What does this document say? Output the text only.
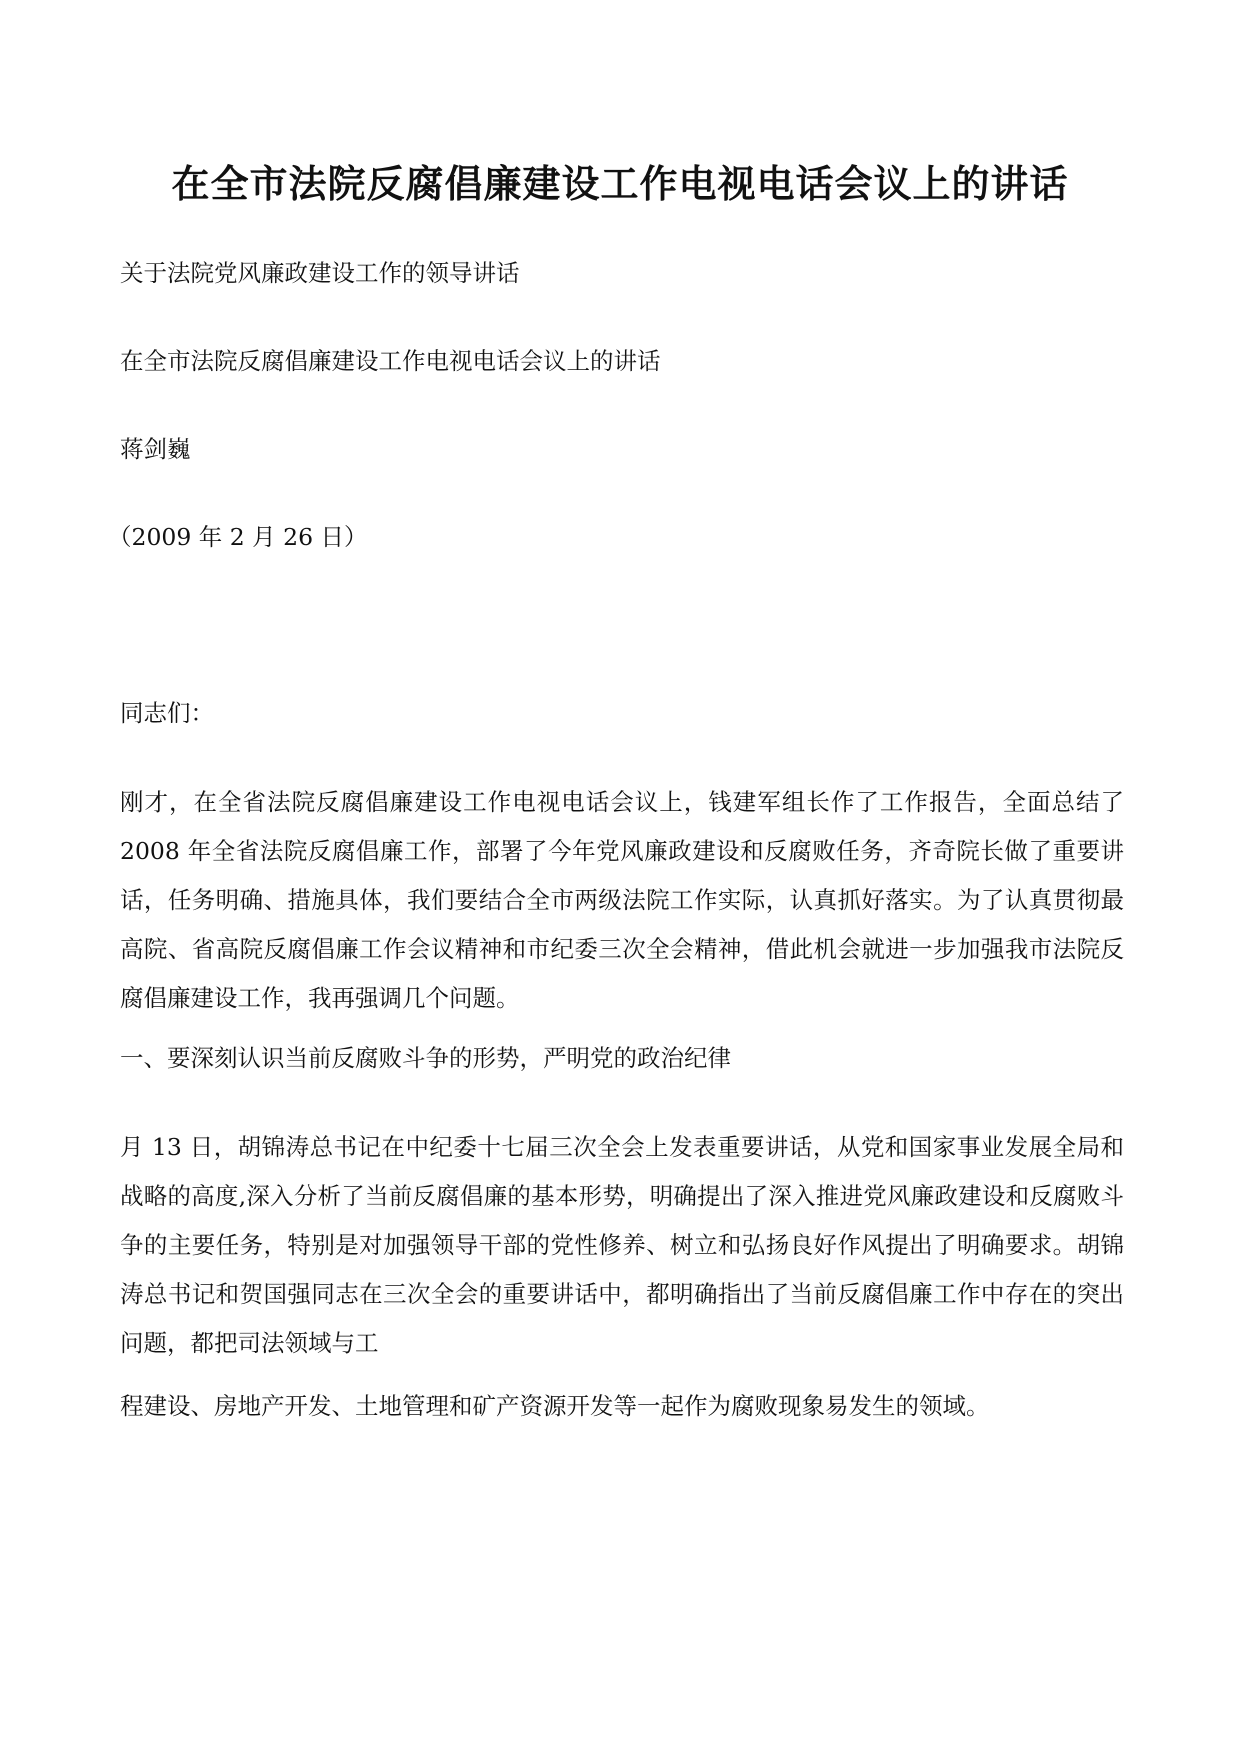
在全市法院反腐倡廉建设工作电视电话会议上的讲话
关于法院党风廉政建设工作的领导讲话
在全市法院反腐倡廉建设工作电视电话会议上的讲话
蒋剑巍
（2009 年 2 月 26 日）
同志们：
刚才，在全省法院反腐倡廉建设工作电视电话会议上，钱建军组长作了工作报告，全面总结了 2008 年全省法院反腐倡廉工作，部署了今年党风廉政建设和反腐败任务，齐奇院长做了重要讲话，任务明确、措施具体，我们要结合全市两级法院工作实际，认真抓好落实。为了认真贯彻最高院、省高院反腐倡廉工作会议精神和市纪委三次全会精神，借此机会就进一步加强我市法院反腐倡廉建设工作，我再强调几个问题。
一、要深刻认识当前反腐败斗争的形势，严明党的政治纪律
月 13 日，胡锦涛总书记在中纪委十七届三次全会上发表重要讲话，从党和国家事业发展全局和战略的高度,深入分析了当前反腐倡廉的基本形势，明确提出了深入推进党风廉政建设和反腐败斗争的主要任务，特别是对加强领导干部的党性修养、树立和弘扬良好作风提出了明确要求。胡锦涛总书记和贺国强同志在三次全会的重要讲话中，都明确指出了当前反腐倡廉工作中存在的突出问题，都把司法领域与工
程建设、房地产开发、土地管理和矿产资源开发等一起作为腐败现象易发生的领域。
